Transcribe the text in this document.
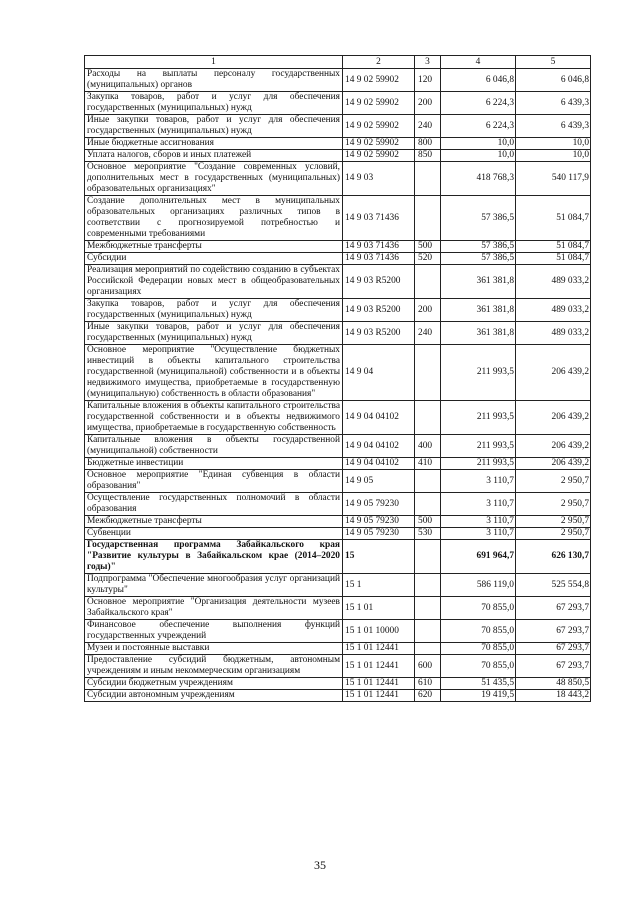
1	2	3	4	5
Расходы на выплаты персоналу государственных (муниципальных) органов	14 9 02 59902	120	6 046,8	6 046,8
Закупка товаров, работ и услуг для обеспечения государственных (муниципальных) нужд	14 9 02 59902	200	6 224,3	6 439,3
Иные закупки товаров, работ и услуг для обеспечения государственных (муниципальных) нужд	14 9 02 59902	240	6 224,3	6 439,3
Иные бюджетные ассигнования	14 9 02 59902	800	10,0	10,0
Уплата налогов, сборов и иных платежей	14 9 02 59902	850	10,0	10,0
Основное мероприятие "Создание современных условий, дополнительных мест в государственных (муниципальных) образовательных организациях"	14 9 03		418 768,3	540 117,9
Создание дополнительных мест в муниципальных образовательных организациях различных типов в соответствии с прогнозируемой потребностью и современными требованиями	14 9 03 71436		57 386,5	51 084,7
Межбюджетные трансферты	14 9 03 71436	500	57 386,5	51 084,7
Субсидии	14 9 03 71436	520	57 386,5	51 084,7
Реализация мероприятий по содействию созданию в субъектах Российской Федерации новых мест в общеобразовательных организациях	14 9 03 R5200		361 381,8	489 033,2
Закупка товаров, работ и услуг для обеспечения государственных (муниципальных) нужд	14 9 03 R5200	200	361 381,8	489 033,2
Иные закупки товаров, работ и услуг для обеспечения государственных (муниципальных) нужд	14 9 03 R5200	240	361 381,8	489 033,2
Основное мероприятие "Осуществление бюджетных инвестиций в объекты капитального строительства государственной (муниципальной) собственности и в объекты недвижимого имущества, приобретаемые в государственную (муниципальную) собственность в области образования"	14 9 04		211 993,5	206 439,2
Капитальные вложения в объекты капитального строительства государственной собственности и в объекты недвижимого имущества, приобретаемые в государственную собственность	14 9 04 04102		211 993,5	206 439,2
Капитальные вложения в объекты государственной (муниципальной) собственности	14 9 04 04102	400	211 993,5	206 439,2
Бюджетные инвестиции	14 9 04 04102	410	211 993,5	206 439,2
Основное мероприятие "Единая субвенция в области образования"	14 9 05		3 110,7	2 950,7
Осуществление государственных полномочий в области образования	14 9 05 79230		3 110,7	2 950,7
Межбюджетные трансферты	14 9 05 79230	500	3 110,7	2 950,7
Субвенции	14 9 05 79230	530	3 110,7	2 950,7
Государственная программа Забайкальского края "Развитие культуры в Забайкальском крае (2014–2020 годы)"	15		691 964,7	626 130,7
Подпрограмма "Обеспечение многообразия услуг организаций культуры"	15 1		586 119,0	525 554,8
Основное мероприятие "Организация деятельности музеев Забайкальского края"	15 1 01		70 855,0	67 293,7
Финансовое обеспечение выполнения функций государственных учреждений	15 1 01 10000		70 855,0	67 293,7
Музеи и постоянные выставки	15 1 01 12441		70 855,0	67 293,7
Предоставление субсидий бюджетным, автономным учреждениям и иным некоммерческим организациям	15 1 01 12441	600	70 855,0	67 293,7
Субсидии бюджетным учреждениям	15 1 01 12441	610	51 435,5	48 850,5
Субсидии автономным учреждениям	15 1 01 12441	620	19 419,5	18 443,2
35
